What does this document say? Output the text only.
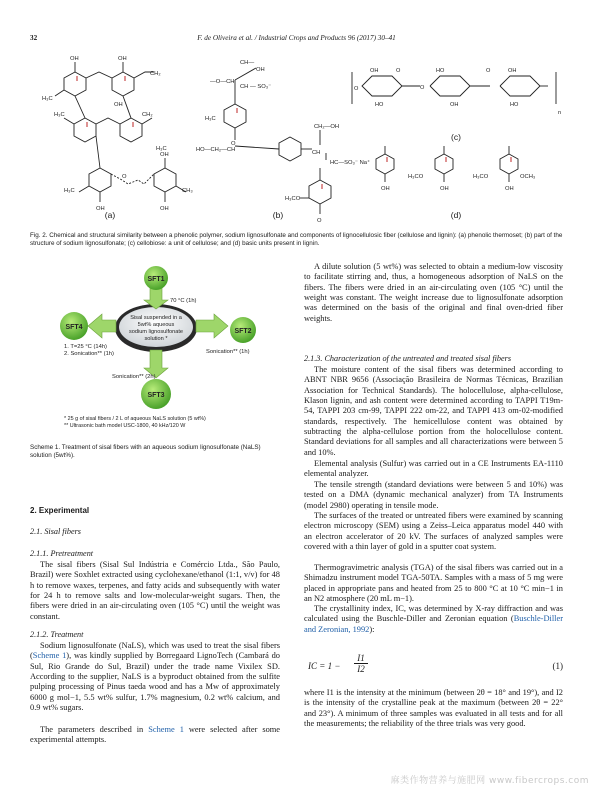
32	F. de Oliveira et al. / Industrial Crops and Products 96 (2017) 30–41
OH	OH
CH₂
H₃C
H₃C	CH₂
OH
H₃C
H₃C
OH
OH
OH
CH₃
O
—O—CH
CH—
OH
CH — SO₃⁻
H₃C
O
HO—CH₂—CH	CH
CH₂—OH
HC—SO₃⁻ Na⁺
H₃CO
O
OH
O
HO
O
O
HO
OH
O	OH
HO
n
OH	OH	OH
H₃CO	H₃CO	OCH₃
(a)	(b)
(c)
(d)
Fig. 2. Chemical and structural similarity between a phenolic polymer, sodium lignosulfonate and components of lignocellulosic fiber (cellulose and lignin): (a) phenolic thermoset; (b) part of the structure of sodium lignosulfonate; (c) cellobiose: a unit of cellulose; and (d) basic units present in lignin.
SFT1
SFT4
SFT2
SFT3
Sisal suspended in a
5wt% aqueous
sodium lignosulfonate
solution *
70 °C (1h)
1. T=25 °C (14h)
2. Sonication** (1h)	Sonication** (1h)
Sonication** (2h)
* 25 g of sisal fibers / 2 L of aqueous NaLS solution (5 wt%)
** Ultrasonic bath model USC-1800, 40 kHz/120 W
Scheme 1. Treatment of sisal fibers with an aqueous sodium lignosulfonate (NaLS) solution (5wt%).
2. Experimental
2.1. Sisal fibers
2.1.1. Pretreatment

The sisal fibers (Sisal Sul Indústria e Comércio Ltda., São Paulo, Brazil) were Soxhlet extracted using cyclohexane/ethanol (1:1, v/v) for 48 h to remove waxes, terpenes, and fatty acids and subsequently with water for 24 h to remove salts and low-molecular-weight sugars. Then, the fibers were dried in an air-circulating oven (105 °C) until the weight was constant.

2.1.2. Treatment

Sodium lignosulfonate (NaLS), which was used to treat the sisal fibers (Scheme 1), was kindly supplied by Borregaard LignoTech (Cambará do Sul, Rio Grande do Sul, Brazil) under the trade name Vixilex SD. According to the supplier, NaLS is a byproduct obtained from the sulfite pulping processing of Pinus taeda wood and has a Mw of approximately 6000 g mol−1, 5.5 wt% sulfur, 1.7% magnesium, 0.2 wt% calcium, and 0.9 wt% sugars.

The parameters described in Scheme 1 were selected after some experimental attempts.

A dilute solution (5 wt%) was selected to obtain a medium-low viscosity to facilitate stirring and, thus, a homogeneous adsorption of NaLS on the fibers. The fibers were dried in an air-circulating oven (105 °C) until the weight was constant. The weight increase due to lignosulfonate adsorption was determined on the basis of the original and final oven-dried fiber weights.

2.1.3. Characterization of the untreated and treated sisal fibers

The moisture content of the sisal fibers was determined according to ABNT NBR 9656 (Associação Brasileira de Normas Técnicas, Brazilian Association for Technical Standards). The holocellulose, alpha-cellulose, Klason lignin, and ash content were determined according to TAPPI T19m-54, TAPPI 203 cm-99, TAPPI 222 om-22, and TAPPI 413 om-02-modified standards, respectively. The hemicellulose content was obtained by subtracting the alpha-cellulose portion from the holocellulose content. Standard deviations for all samples and all characterizations were between 5 and 10%.

Elemental analysis (Sulfur) was carried out in a CE Instruments EA-1110 elemental analyzer.

The tensile strength (standard deviations were between 5 and 10%) was tested on a DMA (dynamic mechanical analyzer) from TA Instruments (model 2980) operating in tensile mode.

The surfaces of the treated or untreated fibers were examined by scanning electron microscopy (SEM) using a Zeiss–Leica apparatus model 440 with an electron accelerator of 20 kV. The surfaces of analyzed samples were covered with a thin layer of gold in a sputter coat system.

Thermogravimetric analysis (TGA) of the sisal fibers was carried out in a Shimadzu instrument model TGA-50TA. Samples with a mass of 5 mg were placed in appropriate pans and heated from 25 to 800 °C at 10 °C min−1 in an N2 atmosphere (20 mL m−1).

The crystallinity index, IC, was determined by X-ray diffraction and was calculated using the Buschle-Diller and Zeronian equation (Buschle-Diller and Zeronian, 1992):

IC = $1 - \frac{I1}{I2}$	(1)

where I1 is the intensity at the minimum (between 2θ = 18° and 19°), and I2 is the intensity of the crystalline peak at the maximum (between 2θ = 22° and 23°). A minimum of three samples was evaluated in all tests and for all the measurements; the reliability of the three trials was very good.

麻类作物营养与施肥网 www.fibercrops.com
